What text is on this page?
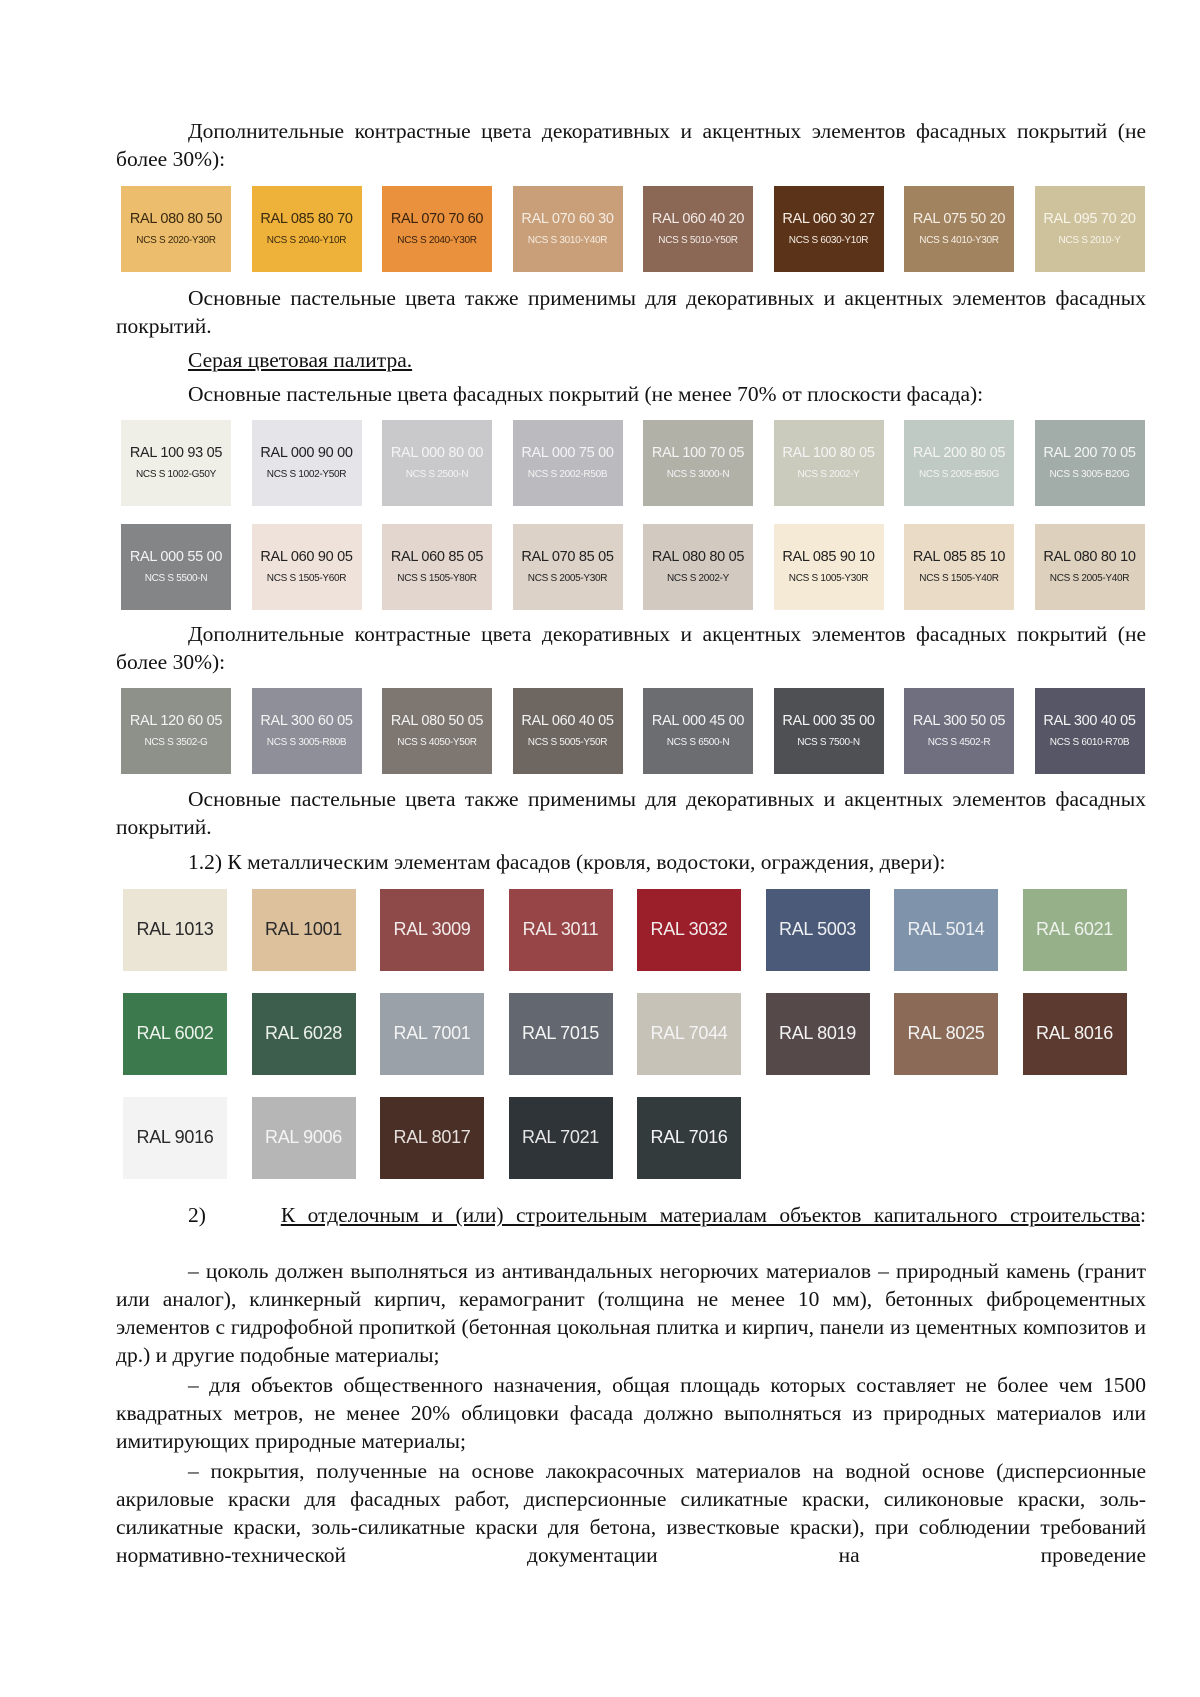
Дополнительные контрастные цвета декоративных и акцентных элементов фасадных покрытий (не более 30%):

RAL 080 80 50
NCS S 2020-Y30R
RAL 085 80 70
NCS S 2040-Y10R
RAL 070 70 60
NCS S 2040-Y30R
RAL 070 60 30
NCS S 3010-Y40R
RAL 060 40 20
NCS S 5010-Y50R
RAL 060 30 27
NCS S 6030-Y10R
RAL 075 50 20
NCS S 4010-Y30R
RAL 095 70 20
NCS S 2010-Y

Основные пастельные цвета также применимы для декоративных и акцентных элементов фасадных покрытий.

Серая цветовая палитра.

Основные пастельные цвета фасадных покрытий (не менее 70% от плоскости фасада):

RAL 100 93 05
NCS S 1002-G50Y
RAL 000 90 00
NCS S 1002-Y50R
RAL 000 80 00
NCS S 2500-N
RAL 000 75 00
NCS S 2002-R50B
RAL 100 70 05
NCS S 3000-N
RAL 100 80 05
NCS S 2002-Y
RAL 200 80 05
NCS S 2005-B50G
RAL 200 70 05
NCS S 3005-B20G
RAL 000 55 00
NCS S 5500-N
RAL 060 90 05
NCS S 1505-Y60R
RAL 060 85 05
NCS S 1505-Y80R
RAL 070 85 05
NCS S 2005-Y30R
RAL 080 80 05
NCS S 2002-Y
RAL 085 90 10
NCS S 1005-Y30R
RAL 085 85 10
NCS S 1505-Y40R
RAL 080 80 10
NCS S 2005-Y40R

Дополнительные контрастные цвета декоративных и акцентных элементов фасадных покрытий (не более 30%):

RAL 120 60 05
NCS S 3502-G
RAL 300 60 05
NCS S 3005-R80B
RAL 080 50 05
NCS S 4050-Y50R
RAL 060 40 05
NCS S 5005-Y50R
RAL 000 45 00
NCS S 6500-N
RAL 000 35 00
NCS S 7500-N
RAL 300 50 05
NCS S 4502-R
RAL 300 40 05
NCS S 6010-R70B

Основные пастельные цвета также применимы для декоративных и акцентных элементов фасадных покрытий.

1.2) К металлическим элементам фасадов (кровля, водостоки, ограждения, двери):

RAL 1013	RAL 1001	RAL 3009	RAL 3011	RAL 3032	RAL 5003	RAL 5014	RAL 6021
RAL 6002	RAL 6028	RAL 7001	RAL 7015	RAL 7044	RAL 8019	RAL 8025	RAL 8016
RAL 9016	RAL 9006	RAL 8017	RAL 7021	RAL 7016

2)	К отделочным и (или) строительным материалам объектов капитального строительства:

– цоколь должен выполняться из антивандальных негорючих материалов – природный камень (гранит или аналог), клинкерный кирпич, керамогранит (толщина не менее 10 мм), бетонных фиброцементных элементов с гидрофобной пропиткой (бетонная цокольная плитка и кирпич, панели из цементных композитов и др.) и другие подобные материалы;

– для объектов общественного назначения, общая площадь которых составляет не более чем 1500 квадратных метров, не менее 20% облицовки фасада должно выполняться из природных материалов или имитирующих природные материалы;

– покрытия, полученные на основе лакокрасочных материалов на водной основе (дисперсионные акриловые краски для фасадных работ, дисперсионные силикатные краски, силиконовые краски, золь-силикатные краски, золь-силикатные краски для бетона, известковые краски), при соблюдении требований нормативно-технической документации на проведение
